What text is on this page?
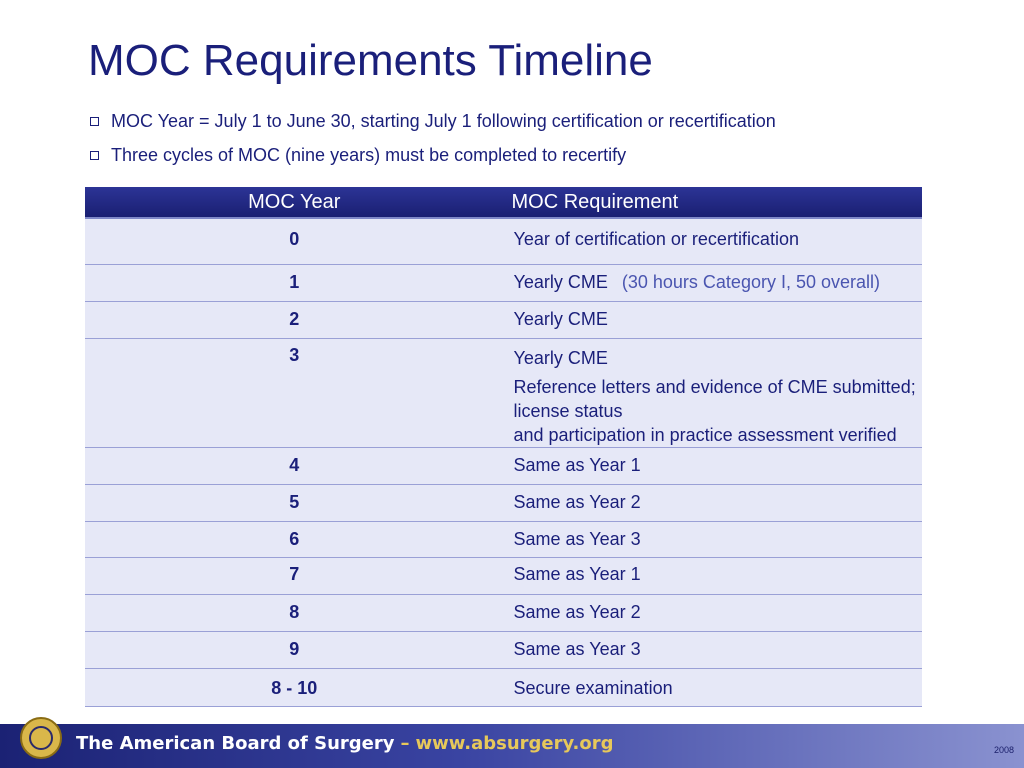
MOC Requirements Timeline
MOC Year = July 1 to June 30, starting July 1 following certification or recertification
Three cycles of MOC (nine years) must be completed to recertify
MOC Year	MOC Requirement

0	Year of certification or recertification

1	Yearly CME (30 hours Category I, 50 overall)

2	Yearly CME

3	Yearly CME
Reference letters and evidence of CME submitted; license status
and participation in practice assessment verified

4	Same as Year 1

5	Same as Year 2

6	Same as Year 3

7	Same as Year 1

8	Same as Year 2

9	Same as Year 3

8 - 10	Secure examination
The American Board of Surgery – www.absurgery.org	2008
